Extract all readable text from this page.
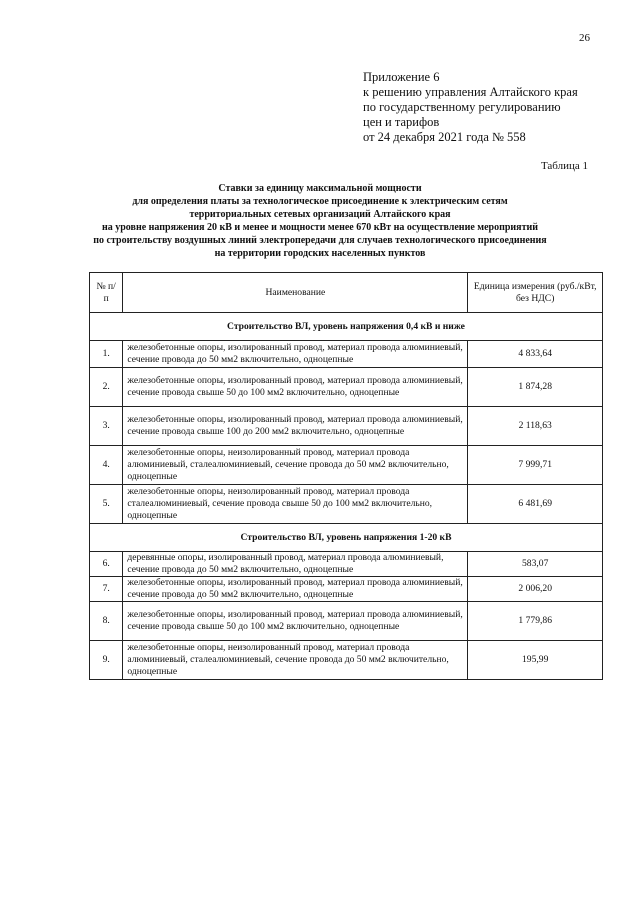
26
Приложение 6
к решению управления Алтайского края
по государственному регулированию
цен и тарифов
от 24 декабря 2021 года № 558
Таблица 1
Ставки за единицу максимальной мощности
для определения платы за технологическое присоединение к электрическим сетям
территориальных сетевых организаций Алтайского края
на уровне напряжения 20 кВ и менее и мощности менее 670 кВт на осуществление мероприятий
по строительству воздушных линий электропередачи для случаев технологического присоединения
на территории городских населенных пунктов
№ п/п	Наименование	Единица измерения (руб./кВт, без НДС)
Строительство ВЛ, уровень напряжения 0,4 кВ и ниже		
1.	железобетонные опоры, изолированный провод, материал провода алюминиевый, сечение провода до 50 мм2 включительно, одноцепные	4 833,64
2.	железобетонные опоры, изолированный провод, материал провода алюминиевый, сечение провода свыше 50 до 100 мм2 включительно, одноцепные	1 874,28
3.	железобетонные опоры, изолированный провод, материал провода алюминиевый, сечение провода свыше 100 до 200 мм2 включительно, одноцепные	2 118,63
4.	железобетонные опоры, неизолированный провод, материал провода алюминиевый, сталеалюминиевый, сечение провода до 50 мм2 включительно, одноцепные	7 999,71
5.	железобетонные опоры, неизолированный провод, материал провода сталеалюминиевый, сечение провода свыше 50 до 100 мм2 включительно, одноцепные	6 481,69
Строительство ВЛ, уровень напряжения 1-20 кВ		
6.	деревянные опоры, изолированный провод, материал провода алюминиевый, сечение провода до 50 мм2 включительно, одноцепные	583,07
7.	железобетонные опоры, изолированный провод, материал провода алюминиевый, сечение провода до 50 мм2 включительно, одноцепные	2 006,20
8.	железобетонные опоры, изолированный провод, материал провода алюминиевый, сечение провода свыше 50 до 100 мм2 включительно, одноцепные	1 779,86
9.	железобетонные опоры, неизолированный провод, материал провода алюминиевый, сталеалюминиевый, сечение провода до 50 мм2 включительно, одноцепные	195,99
